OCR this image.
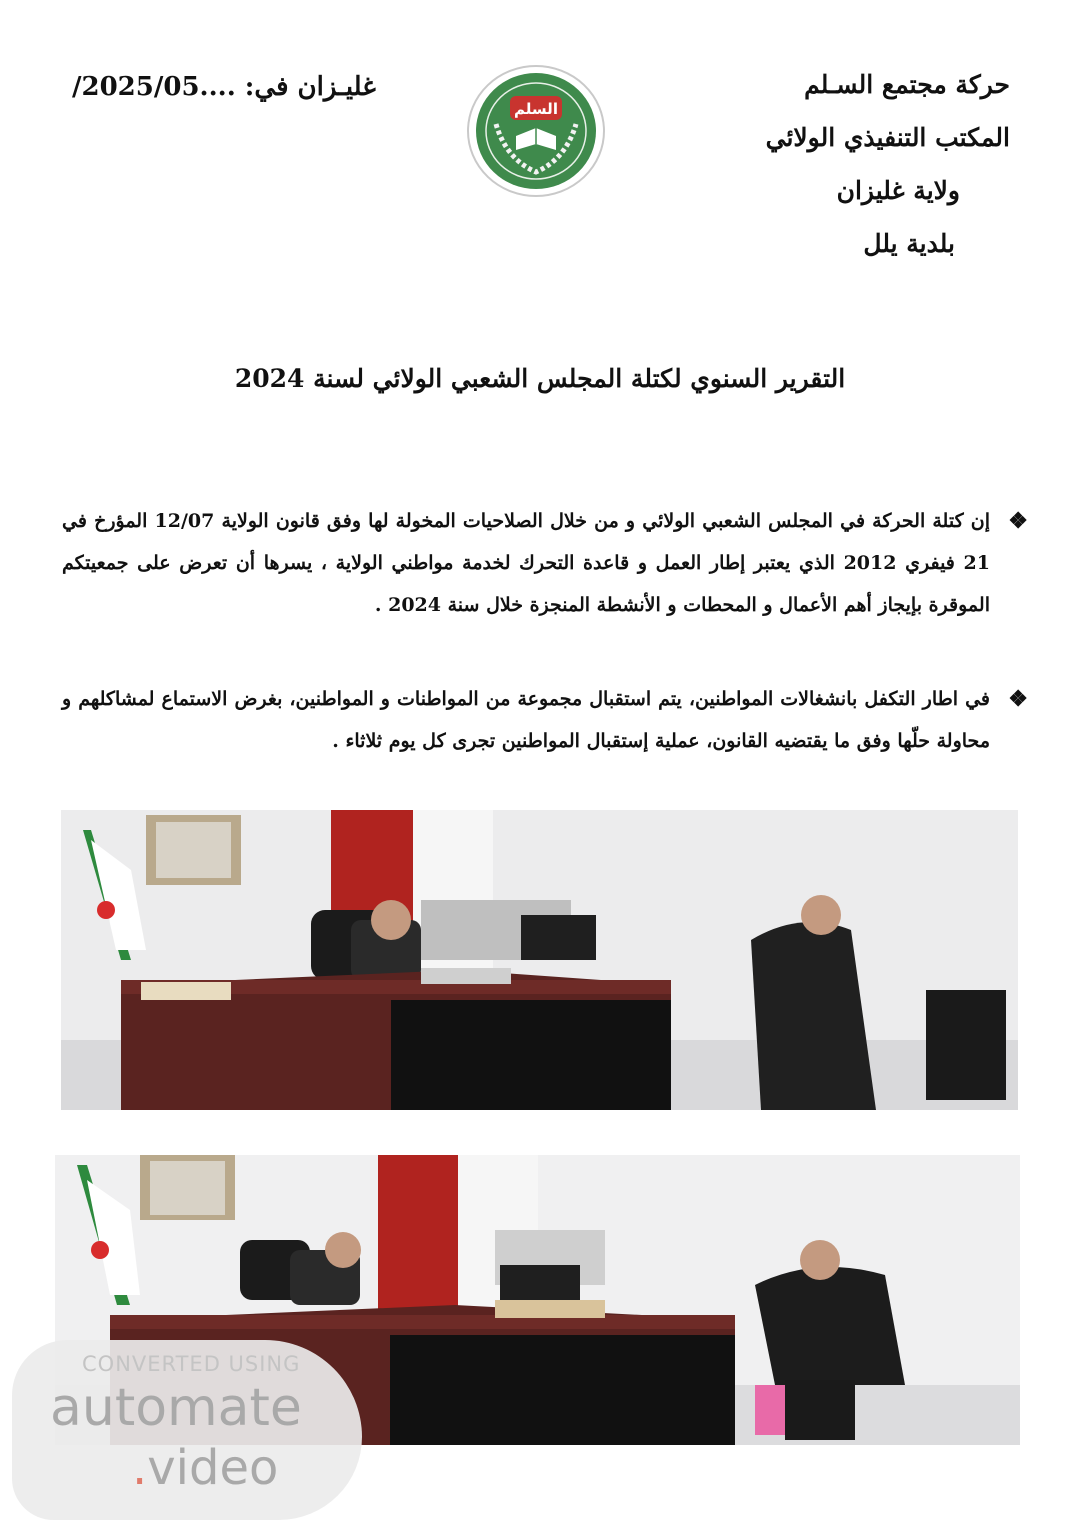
حركة مجتمع السـلم
المكتب التنفيذي الولائي
ولاية غليزان
بلدية يلل
غليـزان في: ....2025/05/
السلم
التقرير السنوي لكتلة المجلس الشعبي الولائي لسنة 2024
❖
إن كتلة الحركة في المجلس الشعبي الولائي و من خلال الصلاحيات المخولة لها وفق قانون الولاية 12/07 المؤرخ في 21 فيفري 2012 الذي يعتبر إطار العمل و قاعدة التحرك لخدمة مواطني الولاية ، يسرها أن تعرض على جمعيتكم الموقرة بإيجاز أهم الأعمال و المحطات و الأنشطة المنجزة خلال سنة 2024 .
❖
في اطار التكفل بانشغالات المواطنين، يتم استقبال مجموعة من المواطنات و المواطنين، بغرض الاستماع لمشاكلهم و محاولة حلّها وفق ما يقتضيه القانون، عملية إستقبال المواطنين تجرى كل يوم ثلاثاء .
CONVERTED USING
automate
.video
